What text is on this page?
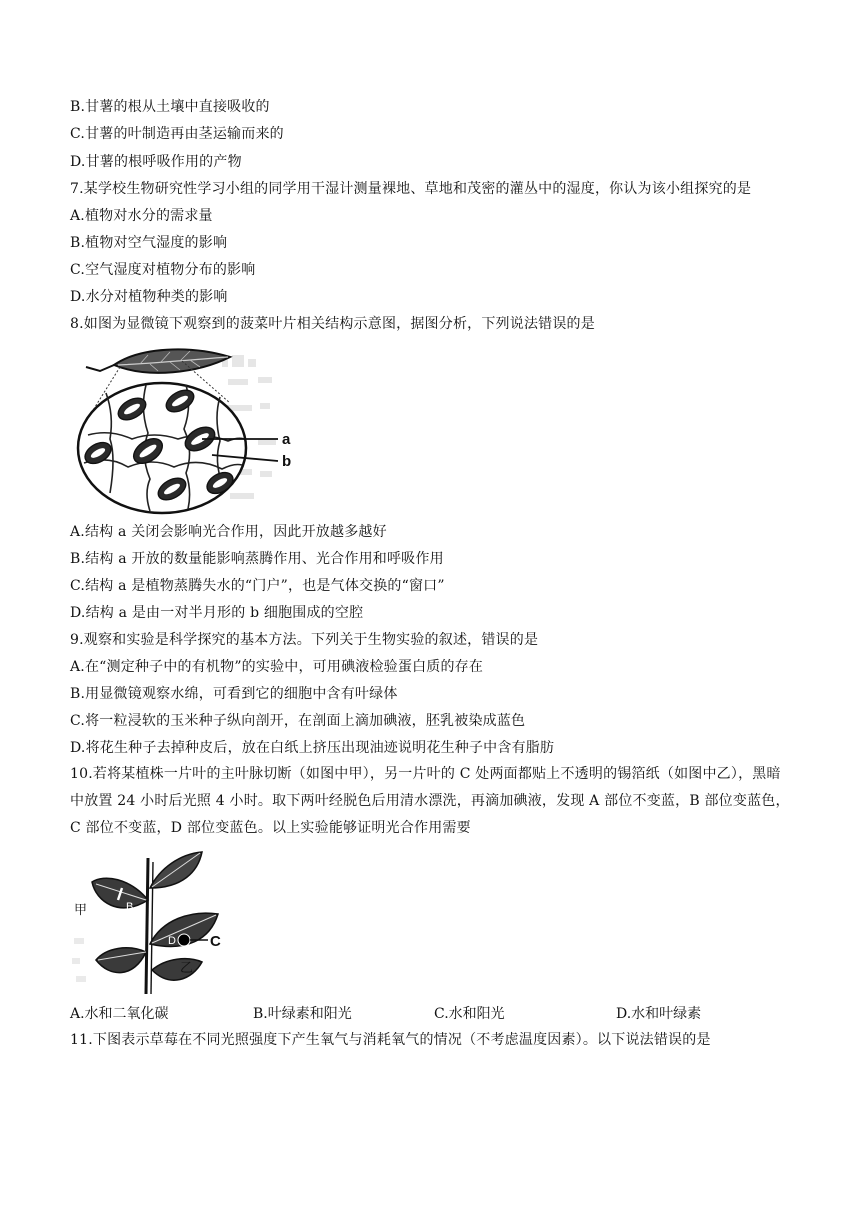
B.甘薯的根从土壤中直接吸收的
C.甘薯的叶制造再由茎运输而来的
D.甘薯的根呼吸作用的产物
7.某学校生物研究性学习小组的同学用干湿计测量裸地、草地和茂密的灌丛中的湿度，你认为该小组探究的是
A.植物对水分的需求量
B.植物对空气湿度的影响
C.空气湿度对植物分布的影响
D.水分对植物种类的影响
8.如图为显微镜下观察到的菠菜叶片相关结构示意图，据图分析，下列说法错误的是
a
b
A.结构 a 关闭会影响光合作用，因此开放越多越好
B.结构 a 开放的数量能影响蒸腾作用、光合作用和呼吸作用
C.结构 a 是植物蒸腾失水的“门户”，也是气体交换的“窗口”
D.结构 a 是由一对半月形的 b 细胞围成的空腔
9.观察和实验是科学探究的基本方法。下列关于生物实验的叙述，错误的是
A.在“测定种子中的有机物”的实验中，可用碘液检验蛋白质的存在
B.用显微镜观察水绵，可看到它的细胞中含有叶绿体
C.将一粒浸软的玉米种子纵向剖开，在剖面上滴加碘液，胚乳被染成蓝色
D.将花生种子去掉种皮后，放在白纸上挤压出现油迹说明花生种子中含有脂肪
10.若将某植株一片叶的主叶脉切断（如图中甲），另一片叶的 C 处两面都贴上不透明的锡箔纸（如图中乙），黑暗中放置 24 小时后光照 4 小时。取下两叶经脱色后用清水漂洗，再滴加碘液，发现 A 部位不变蓝，B 部位变蓝色，C 部位不变蓝，D 部位变蓝色。以上实验能够证明光合作用需要
甲 A B
D C
乙
A.水和二氧化碳	B.叶绿素和阳光	C.水和阳光	D.水和叶绿素
11.下图表示草莓在不同光照强度下产生氧气与消耗氧气的情况（不考虑温度因素）。以下说法错误的是
